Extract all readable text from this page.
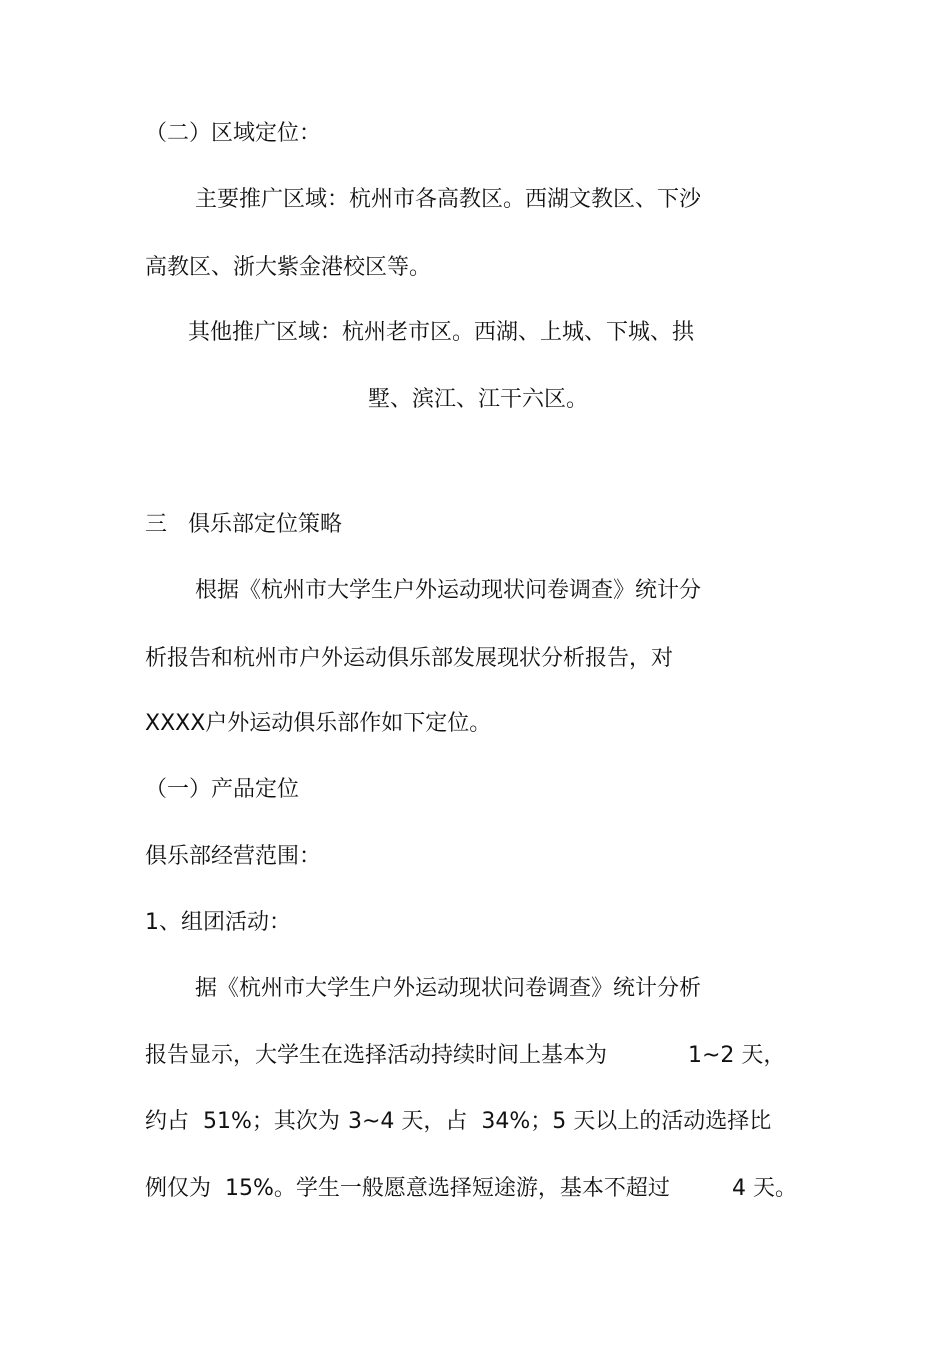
（二）区域定位：
主要推广区域：杭州市各高教区。西湖文教区、下沙
高教区、浙大紫金港校区等。
其他推广区域：杭州老市区。西湖、上城、下城、拱
墅、滨江、江干六区。
三   俱乐部定位策略
根据《杭州市大学生户外运动现状问卷调查》统计分
析报告和杭州市户外运动俱乐部发展现状分析报告，对
XXXX户外运动俱乐部作如下定位。
（一）产品定位
俱乐部经营范围：
1、组团活动：
据《杭州市大学生户外运动现状问卷调查》统计分析
报告显示，大学生在选择活动持续时间上基本为	1~2 天，
约占  51%；其次为 3~4 天，占  34%；5 天以上的活动选择比
例仅为  15%。学生一般愿意选择短途游，基本不超过	4 天。
